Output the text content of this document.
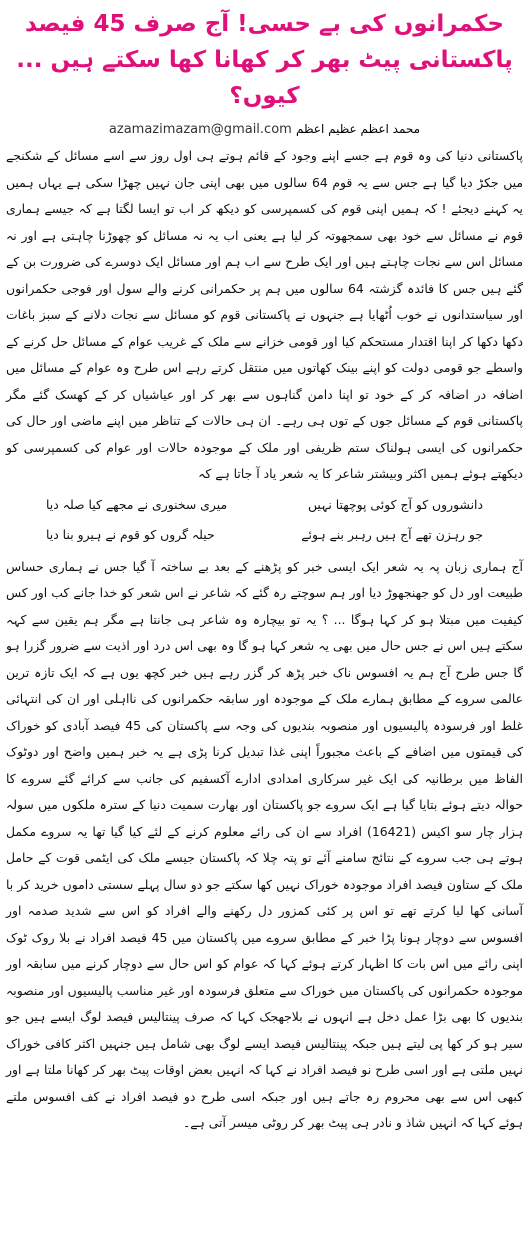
حکمرانوں کی بے حسی! آج صرف 45 فیصد پاکستانی پیٹ بھر کر کھانا کھا سکتے ہیں ... کیوں؟
azamazimazam@gmail.com محمد اعظم عظیم اعظم

پاکستانی دنیا کی وہ قوم ہے جسے اپنے وجود کے قائم ہوتے ہی اول روز سے اسے مسائل کے شکنجے میں جکڑ دیا گیا ہے جس سے یہ قوم 64 سالوں میں بھی اپنی جان نہیں چھڑا سکی ہے یہاں ہمیں یہ کہنے دیجئے ! کہ ہمیں اپنی قوم کی کسمپرسی کو دیکھ کر اب تو ایسا لگتا ہے کہ جیسے ہماری قوم نے مسائل سے خود بھی سمجھوتہ کر لیا ہے یعنی اب یہ نہ مسائل کو چھوڑنا چاہتی ہے اور نہ مسائل اس سے نجات چاہتے ہیں اور ایک طرح سے اب ہم اور مسائل ایک دوسرے کی ضرورت بن کے گئے ہیں جس کا فائدہ گزشتہ 64 سالوں میں ہم پر حکمرانی کرنے والے سول اور فوجی حکمرانوں اور سیاستدانوں نے خوب اُٹھایا ہے جنہوں نے پاکستانی قوم کو مسائل سے نجات دلانے کے سبز باغات دکھا دکھا کر اپنا اقتدار مستحکم کیا اور قومی خزانے سے ملک کے غریب عوام کے مسائل حل کرنے کے واسطے جو قومی دولت کو اپنے بینک کھاتوں میں منتقل کرتے رہے اس طرح وہ عوام کے مسائل میں اضافہ در اضافہ کر کے خود تو اپنا دامن گناہوں سے بھر کر اور عیاشیاں کر کے کھسک گئے مگر پاکستانی قوم کے مسائل جوں کے توں ہی رہے۔ ان ہی حالات کے تناظر میں اپنے ماضی اور حال کی حکمرانوں کی ایسی ہولناک ستم ظریفی اور ملک کے موجودہ حالات اور عوام کی کسمپرسی کو دیکھتے ہوئے ہمیں اکثر وبیشتر شاعر کا یہ شعر یاد آ جاتا ہے کہ

دانشوروں کو آج کوئی پوچھتا نہیں
میری سخنوری نے مجھے کیا صلہ دیا
جو رہزن تھے آج ہیں رہبر بنے ہوئے
حیلہ گروں کو قوم نے ہیرو بنا دیا

آج ہماری زبان پہ یہ شعر ایک ایسی خبر کو پڑھنے کے بعد بے ساختہ آ گیا جس نے ہماری حساس طبیعت اور دل کو جھنجھوڑ دیا اور ہم سوچتے رہ گئے کہ شاعر نے اس شعر کو خدا جانے کب اور کس کیفیت میں مبتلا ہو کر کہا ہوگا ... ؟ یہ تو بیچارہ وہ شاعر ہی جانتا ہے مگر ہم یقین سے کہہ سکتے ہیں اس نے جس حال میں بھی یہ شعر کہا ہو گا وہ بھی اس درد اور اذیت سے ضرور گزرا ہو گا جس طرح آج ہم یہ افسوس ناک خبر پڑھ کر گزر رہے ہیں خبر کچھ یوں ہے کہ ایک تازہ ترین عالمی سروے کے مطابق ہمارے ملک کے موجودہ اور سابقہ حکمرانوں کی نااہلی اور ان کی انتہائی غلط اور فرسودہ پالیسیوں اور منصوبہ بندیوں کی وجہ سے پاکستان کی 45 فیصد آبادی کو خوراک کی قیمتوں میں اضافے کے باعث مجبوراً اپنی غذا تبدیل کرنا پڑی ہے یہ خبر ہمیں واضح اور دوٹوک الفاظ میں برطانیہ کی ایک غیر سرکاری امدادی ادارے آکسفیم کی جانب سے کرائے گئے سروے کا حوالہ دیتے ہوئے بتایا گیا ہے ایک سروے جو پاکستان اور بھارت سمیت دنیا کے سترہ ملکوں میں سولہ ہزار چار سو اکیس (16421) افراد سے ان کی رائے معلوم کرنے کے لئے کیا گیا تھا یہ سروے مکمل ہوتے ہی جب سروے کے نتائج سامنے آئے تو پتہ چلا کہ پاکستان جیسے ملک کی ایٹمی قوت کے حامل ملک کے ستاون فیصد افراد موجودہ خوراک نہیں کھا سکتے جو دو سال پہلے سستی داموں خرید کر با آسانی کھا لیا کرتے تھے تو اس پر کئی کمزور دل رکھنے والے افراد کو اس سے شدید صدمہ اور افسوس سے دوچار ہونا پڑا خبر کے مطابق سروے میں پاکستان میں 45 فیصد افراد نے بلا روک ٹوک اپنی رائے میں اس بات کا اظہار کرتے ہوئے کہا کہ عوام کو اس حال سے دوچار کرنے میں سابقہ اور موجودہ حکمرانوں کی پاکستان میں خوراک سے متعلق فرسودہ اور غیر مناسب پالیسیوں اور منصوبہ بندیوں کا بھی بڑا عمل دخل ہے انہوں نے بلاجھجک کہا کہ صرف پینتالیس فیصد لوگ ایسے ہیں جو سیر ہو کر کھا پی لیتے ہیں جبکہ پینتالیس فیصد ایسے لوگ بھی شامل ہیں جنہیں اکثر کافی خوراک نہیں ملتی ہے اور اسی طرح نو فیصد افراد نے کہا کہ انہیں بعض اوقات پیٹ بھر کر کھانا ملتا ہے اور کبھی اس سے بھی محروم رہ جاتے ہیں اور جبکہ اسی طرح دو فیصد افراد نے کف افسوس ملتے ہوئے کہا کہ انہیں شاذ و نادر ہی پیٹ بھر کر روٹی میسر آتی ہے۔
